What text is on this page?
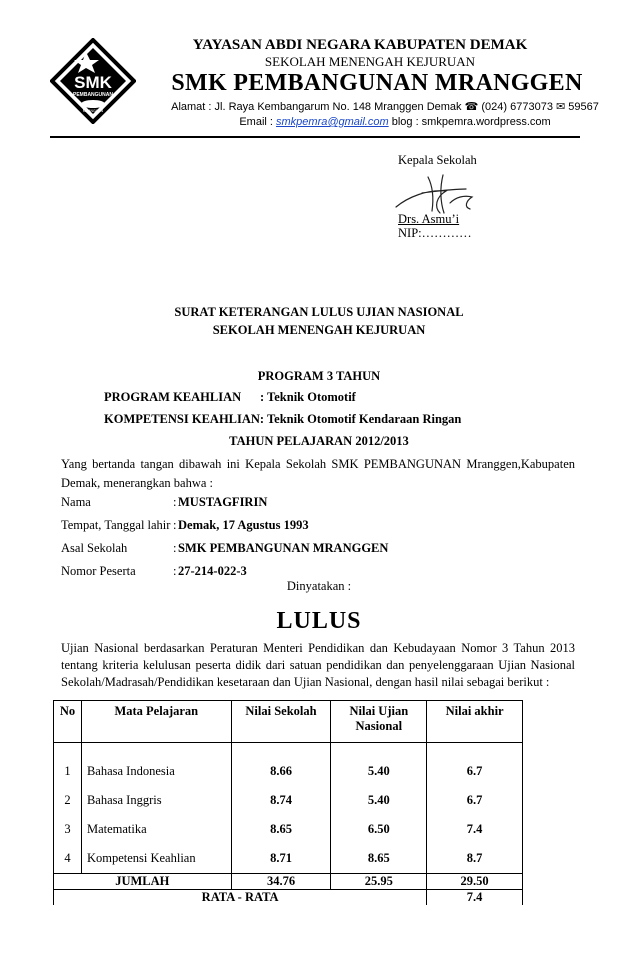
SMK
PEMBANGUNAN
MRANGGEN
YAYASAN ABDI NEGARA KABUPATEN DEMAK
SEKOLAH MENENGAH KEJURUAN
SMK PEMBANGUNAN MRANGGEN
Alamat : Jl. Raya Kembangarum No. 148 Mranggen Demak ☎ (024) 6773073 ✉ 59567
Email : smkpemra@gmail.com blog : smkpemra.wordpress.com
Kepala Sekolah
Drs. Asmu’i
NIP:…………
SURAT KETERANGAN LULUS UJIAN NASIONAL
SEKOLAH MENENGAH KEJURUAN
PROGRAM 3 TAHUN
PROGRAM KEAHLIAN : Teknik Otomotif
KOMPETENSI KEAHLIAN: Teknik Otomotif Kendaraan Ringan
TAHUN PELAJARAN 2012/2013
Yang bertanda tangan dibawah ini Kepala Sekolah SMK PEMBANGUNAN Mranggen,Kabupaten Demak, menerangkan bahwa :
Nama	: MUSTAGFIRIN
Tempat, Tanggal lahir : Demak, 17 Agustus 1993
Asal Sekolah	: SMK PEMBANGUNAN MRANGGEN
Nomor Peserta	: 27-214-022-3
Dinyatakan :
LULUS
Ujian Nasional berdasarkan Peraturan Menteri Pendidikan dan Kebudayaan Nomor 3 Tahun 2013 tentang kriteria kelulusan peserta didik dari satuan pendidikan dan penyelenggaraan Ujian Nasional Sekolah/Madrasah/Pendidikan kesetaraan dan Ujian Nasional, dengan hasil nilai sebagai berikut :
No	Mata Pelajaran	Nilai Sekolah	Nilai Ujian Nasional	Nilai akhir
1	Bahasa Indonesia	8.66	5.40	6.7
2	Bahasa Inggris	8.74	5.40	6.7
3	Matematika	8.65	6.50	7.4
4	Kompetensi Keahlian	8.71	8.65	8.7
JUMLAH		34.76	25.95	29.50
RATA - RATA				7.4
